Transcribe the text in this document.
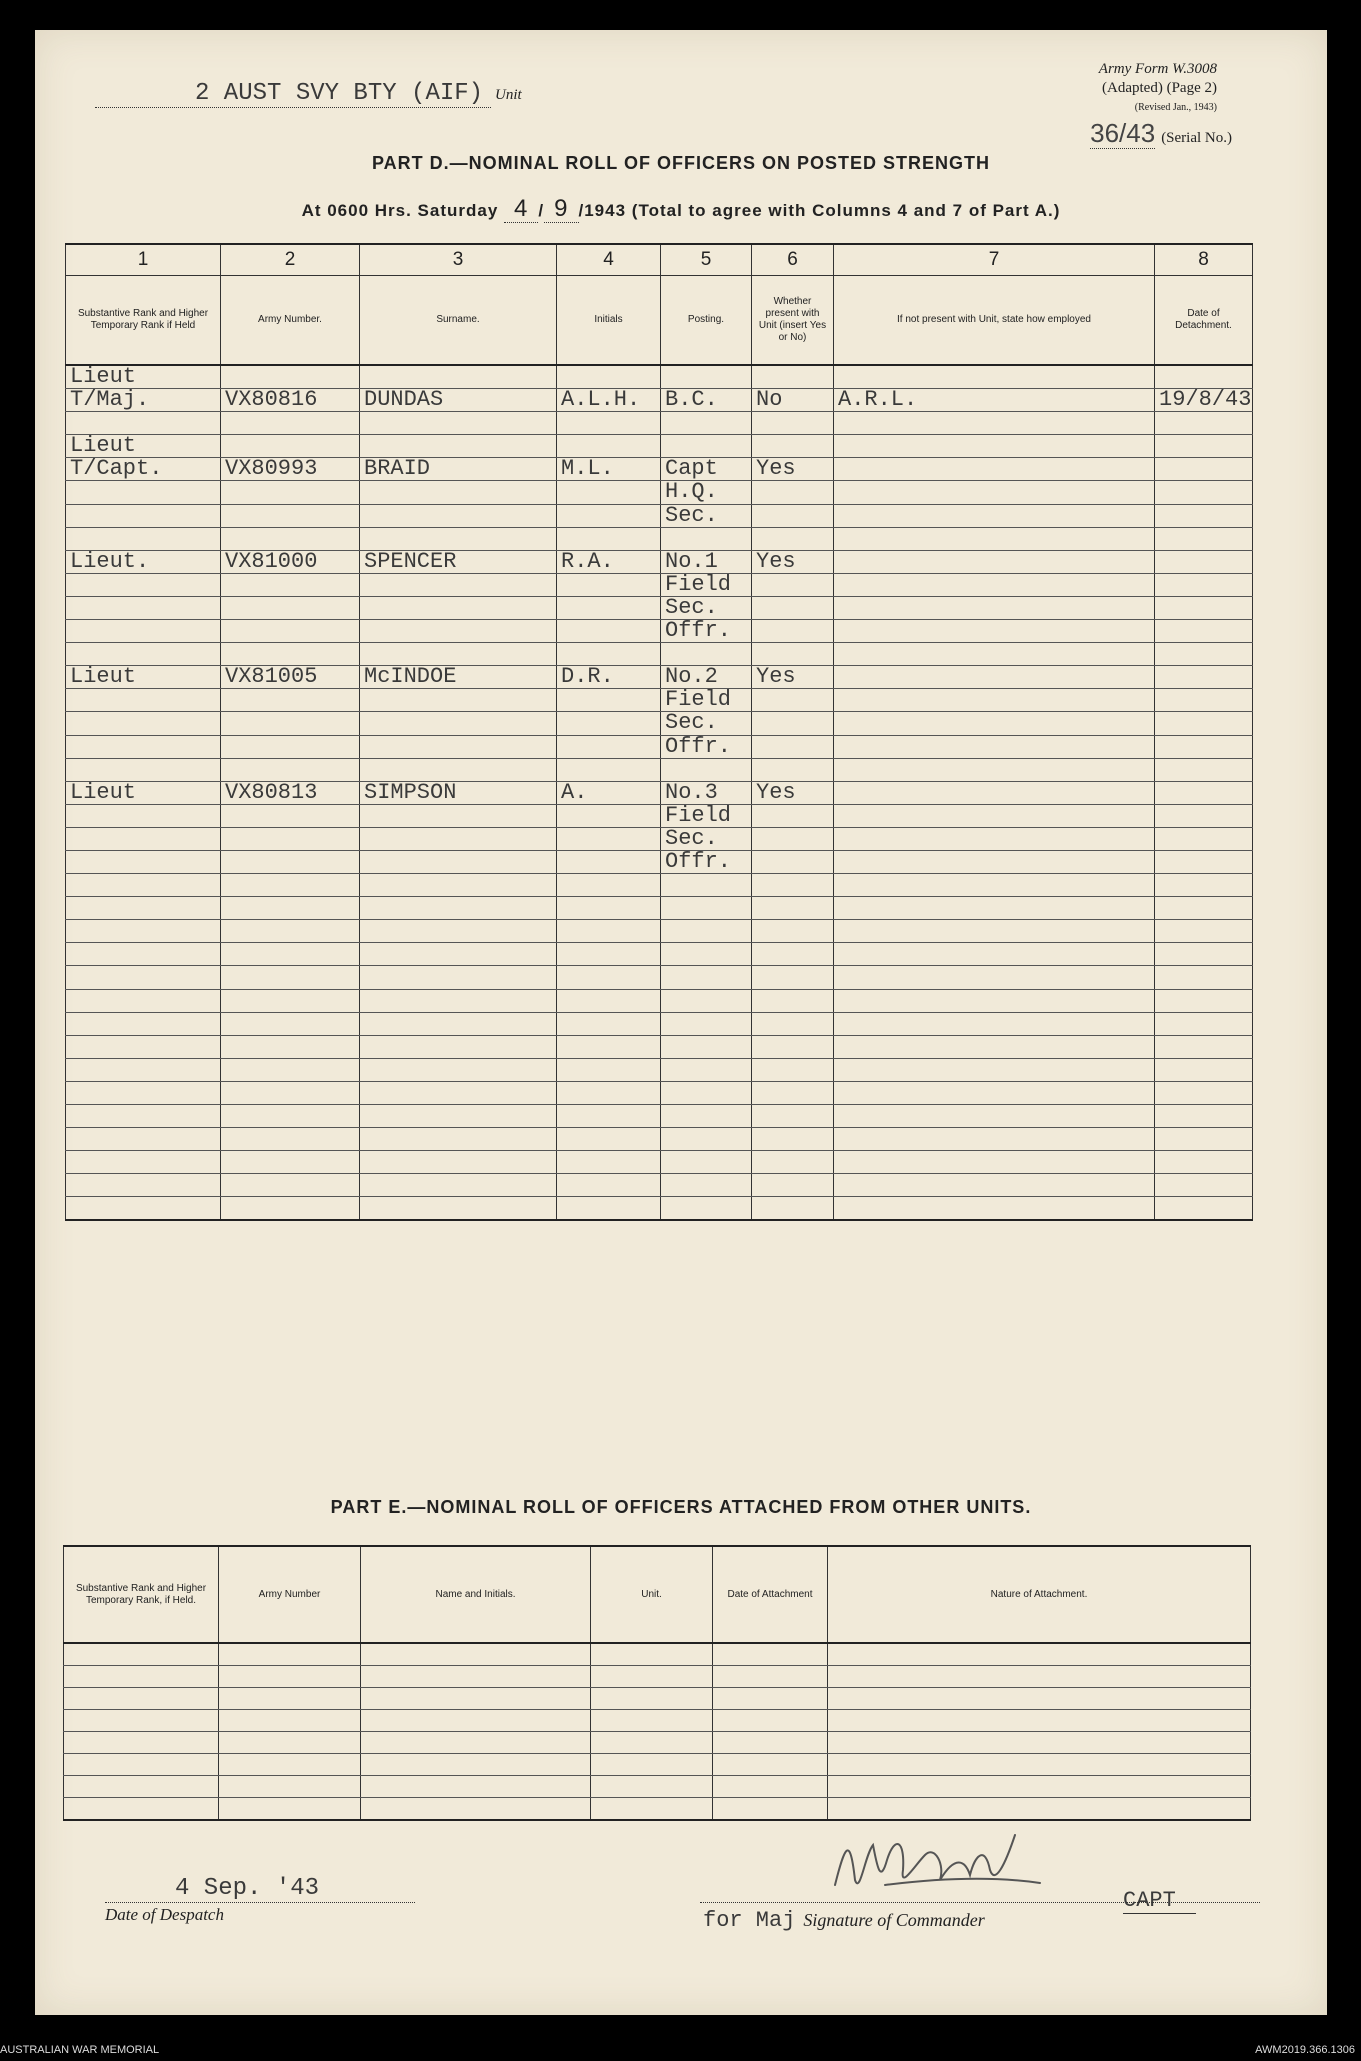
2 AUST SVY BTY (AIF) Unit
Army Form W.3008
(Adapted) (Page 2)
(Revised Jan., 1943)
36/43 (Serial No.)
PART D.—NOMINAL ROLL OF OFFICERS ON POSTED STRENGTH
At 0600 Hrs. Saturday 4 / 9 /1943 (Total to agree with Columns 4 and 7 of Part A.)
1	2	3	4	5	6	7	8
Substantive Rank and Higher Temporary Rank if Held	Army Number.	Surname.	Initials	Posting.	Whether present with Unit (insert Yes or No)	If not present with Unit, state how employed	Date of Detachment.
Lieut							
T/Maj.	VX80816	DUNDAS	A.L.H.	B.C.	No	A.R.L.	19/8/43

Lieut							
T/Capt.	VX80993	BRAID	M.L.	Capt	Yes		
				H.Q.			
				Sec.			

Lieut.	VX81000	SPENCER	R.A.	No.1	Yes		
				Field			
				Sec.			
				Offr.			

Lieut	VX81005	McINDOE	D.R.	No.2	Yes		
				Field			
				Sec.			
				Offr.			

Lieut	VX80813	SIMPSON	A.	No.3	Yes		
				Field			
				Sec.			
				Offr.			

PART E.—NOMINAL ROLL OF OFFICERS ATTACHED FROM OTHER UNITS.
Substantive Rank and Higher Temporary Rank, if Held.	Army Number	Name and Initials.	Unit.	Date of Attachment	Nature of Attachment.

4 Sep. '43
Date of Despatch	for Maj Signature of Commander
CAPT
AUSTRALIAN WAR MEMORIAL	AWM2019.366.1306
